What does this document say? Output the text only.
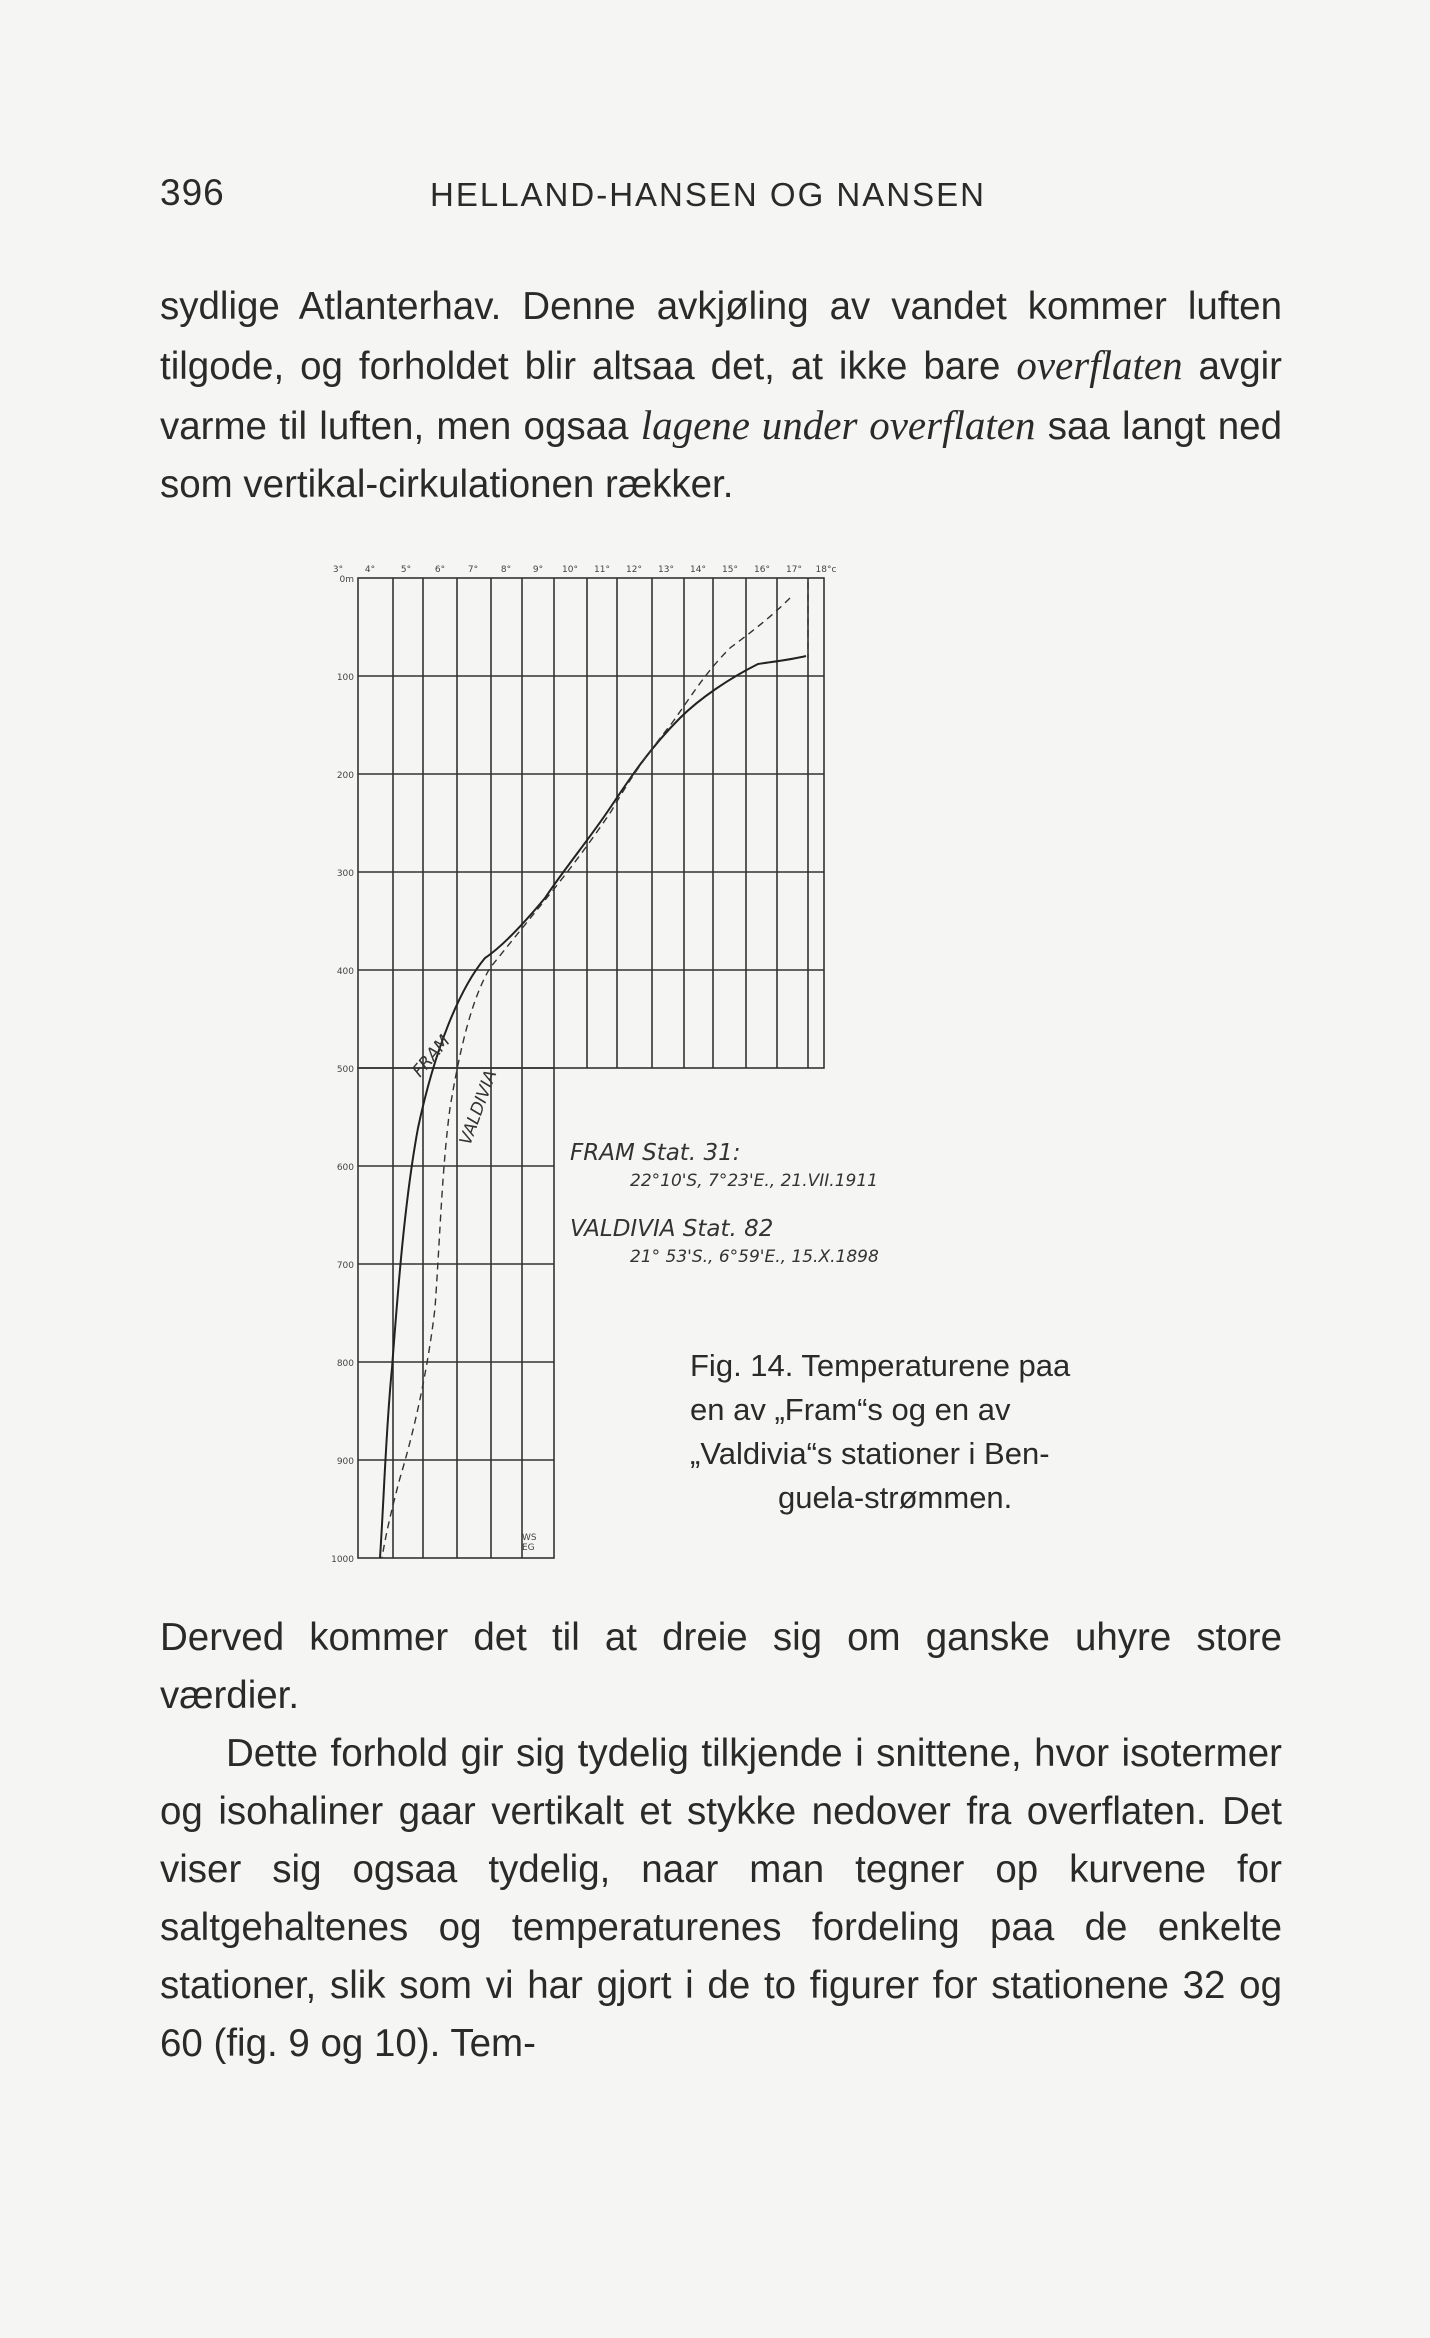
396	HELLAND-HANSEN OG NANSEN

sydlige Atlanterhav. Denne avkjøling av vandet kommer luften tilgode, og forholdet blir altsaa det, at ikke bare overflaten avgir varme til luften, men ogsaa lagene under overflaten saa langt ned som vertikal-cirkulationen rækker.

3° 4°	5°	6°	7°	8° 9° 10° 11° 12° 13° 14° 15° 16° 17° 18°c
0m
100
200
300
400
500
600
700
800
900
1000
FRAM
VALDIVIA
FRAM Stat. 31:
22°10'S, 7°23'E., 21.VII.1911
VALDIVIA Stat. 82
21° 53'S., 6°59'E., 15.X.1898
WS EG
Fig. 14. Temperaturene paa
en av „Fram“s og en av
„Valdivia“s stationer i Ben-
guela-strømmen.

Derved kommer det til at dreie sig om ganske uhyre store værdier.

Dette forhold gir sig tydelig tilkjende i snittene, hvor isotermer og isohaliner gaar vertikalt et stykke nedover fra overflaten. Det viser sig ogsaa tydelig, naar man tegner op kurvene for saltgehaltenes og temperaturenes fordeling paa de enkelte stationer, slik som vi har gjort i de to figurer for stationene 32 og 60 (fig. 9 og 10). Tem-
